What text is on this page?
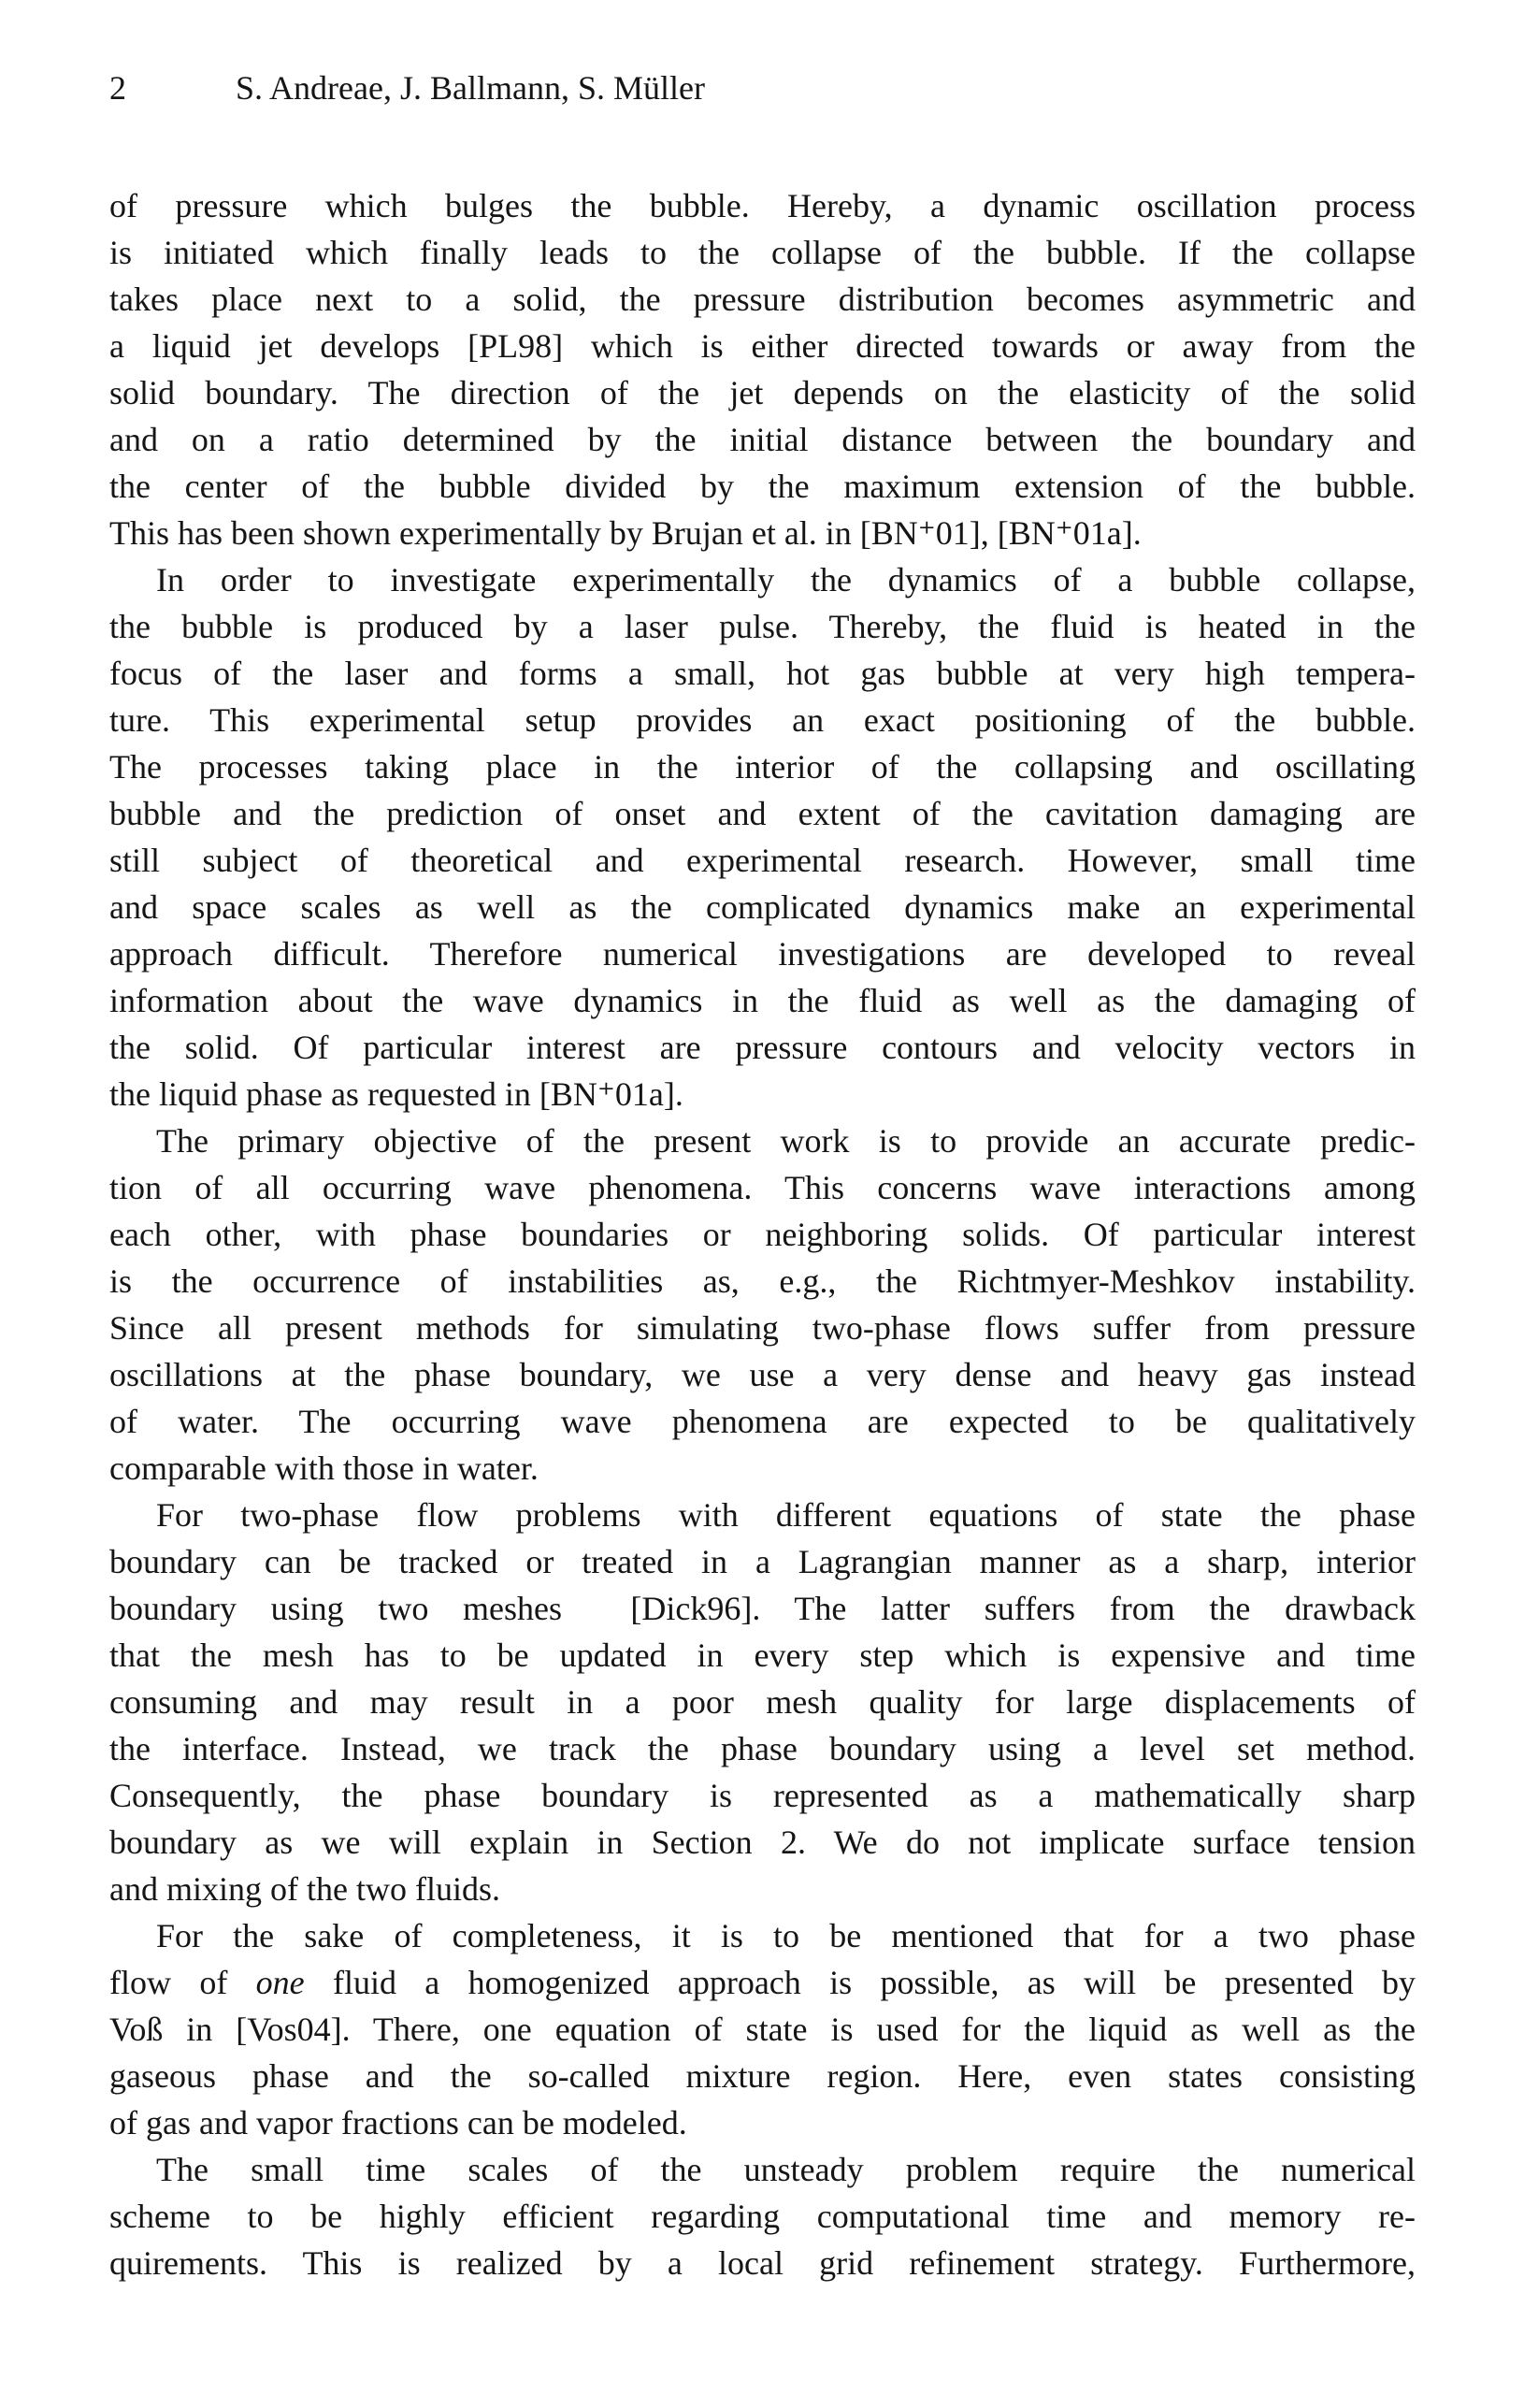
2	S. Andreae, J. Ballmann, S. Müller
of pressure which bulges the bubble. Hereby, a dynamic oscillation process
is initiated which finally leads to the collapse of the bubble. If the collapse
takes place next to a solid, the pressure distribution becomes asymmetric and
a liquid jet develops [PL98] which is either directed towards or away from the
solid boundary. The direction of the jet depends on the elasticity of the solid
and on a ratio determined by the initial distance between the boundary and
the center of the bubble divided by the maximum extension of the bubble.
This has been shown experimentally by Brujan et al. in [BN⁺01], [BN⁺01a].
In order to investigate experimentally the dynamics of a bubble collapse,
the bubble is produced by a laser pulse. Thereby, the fluid is heated in the
focus of the laser and forms a small, hot gas bubble at very high tempera-
ture. This experimental setup provides an exact positioning of the bubble.
The processes taking place in the interior of the collapsing and oscillating
bubble and the prediction of onset and extent of the cavitation damaging are
still subject of theoretical and experimental research. However, small time
and space scales as well as the complicated dynamics make an experimental
approach difficult. Therefore numerical investigations are developed to reveal
information about the wave dynamics in the fluid as well as the damaging of
the solid. Of particular interest are pressure contours and velocity vectors in
the liquid phase as requested in [BN⁺01a].
The primary objective of the present work is to provide an accurate predic-
tion of all occurring wave phenomena. This concerns wave interactions among
each other, with phase boundaries or neighboring solids. Of particular interest
is the occurrence of instabilities as, e.g., the Richtmyer-Meshkov instability.
Since all present methods for simulating two-phase flows suffer from pressure
oscillations at the phase boundary, we use a very dense and heavy gas instead
of water. The occurring wave phenomena are expected to be qualitatively
comparable with those in water.
For two-phase flow problems with different equations of state the phase
boundary can be tracked or treated in a Lagrangian manner as a sharp, interior
boundary using two meshes  [Dick96]. The latter suffers from the drawback
that the mesh has to be updated in every step which is expensive and time
consuming and may result in a poor mesh quality for large displacements of
the interface. Instead, we track the phase boundary using a level set method.
Consequently, the phase boundary is represented as a mathematically sharp
boundary as we will explain in Section 2. We do not implicate surface tension
and mixing of the two fluids.
For the sake of completeness, it is to be mentioned that for a two phase
flow of one fluid a homogenized approach is possible, as will be presented by
Voß in [Vos04]. There, one equation of state is used for the liquid as well as the
gaseous phase and the so-called mixture region. Here, even states consisting
of gas and vapor fractions can be modeled.
The small time scales of the unsteady problem require the numerical
scheme to be highly efficient regarding computational time and memory re-
quirements. This is realized by a local grid refinement strategy. Furthermore,
